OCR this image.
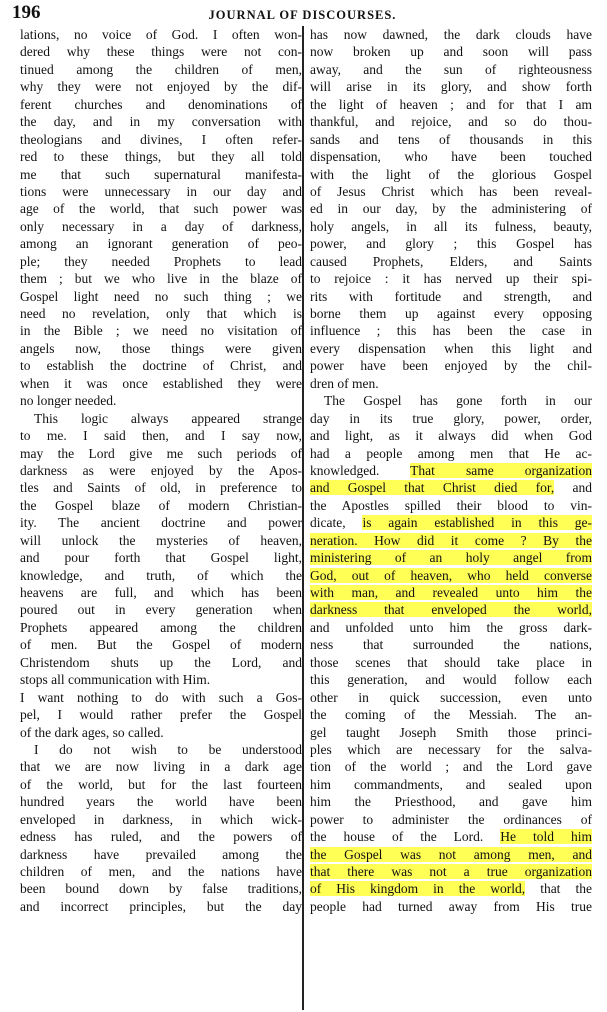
196	JOURNAL OF DISCOURSES.
lations, no voice of God. I often won-
dered why these things were not con-
tinued among the children of men,
why they were not enjoyed by the dif-
ferent churches and denominations of
the day, and in my conversation with
theologians and divines, I often refer-
red to these things, but they all told
me that such supernatural manifesta-
tions were unnecessary in our day and
age of the world, that such power was
only necessary in a day of darkness,
among an ignorant generation of peo-
ple; they needed Prophets to lead
them ; but we who live in the blaze of
Gospel light need no such thing ; we
need no revelation, only that which is
in the Bible ; we need no visitation of
angels now, those things were given
to establish the doctrine of Christ, and
when it was once established they were
no longer needed.
This logic always appeared strange
to me. I said then, and I say now,
may the Lord give me such periods of
darkness as were enjoyed by the Apos-
tles and Saints of old, in preference to
the Gospel blaze of modern Christian-
ity. The ancient doctrine and power
will unlock the mysteries of heaven,
and pour forth that Gospel light,
knowledge, and truth, of which the
heavens are full, and which has been
poured out in every generation when
Prophets appeared among the children
of men. But the Gospel of modern
Christendom shuts up the Lord, and
stops all communication with Him.
I want nothing to do with such a Gos-
pel, I would rather prefer the Gospel
of the dark ages, so called.
I do not wish to be understood
that we are now living in a dark age
of the world, but for the last fourteen
hundred years the world have been
enveloped in darkness, in which wick-
edness has ruled, and the powers of
darkness have prevailed among the
children of men, and the nations have
been bound down by false traditions,
and incorrect principles, but the day
has now dawned, the dark clouds have
now broken up and soon will pass
away, and the sun of righteousness
will arise in its glory, and show forth
the light of heaven ; and for that I am
thankful, and rejoice, and so do thou-
sands and tens of thousands in this
dispensation, who have been touched
with the light of the glorious Gospel
of Jesus Christ which has been reveal-
ed in our day, by the administering of
holy angels, in all its fulness, beauty,
power, and glory ; this Gospel has
caused Prophets, Elders, and Saints
to rejoice : it has nerved up their spi-
rits with fortitude and strength, and
borne them up against every opposing
influence ; this has been the case in
every dispensation when this light and
power have been enjoyed by the chil-
dren of men.
The Gospel has gone forth in our
day in its true glory, power, order,
and light, as it always did when God
had a people among men that He ac-
knowledged. That same organization
and Gospel that Christ died for, and
the Apostles spilled their blood to vin-
dicate, is again established in this ge-
neration. How did it come ? By the
ministering of an holy angel from
God, out of heaven, who held converse
with man, and revealed unto him the
darkness that enveloped the world,
and unfolded unto him the gross dark-
ness that surrounded the nations,
those scenes that should take place in
this generation, and would follow each
other in quick succession, even unto
the coming of the Messiah. The an-
gel taught Joseph Smith those princi-
ples which are necessary for the salva-
tion of the world ; and the Lord gave
him commandments, and sealed upon
him the Priesthood, and gave him
power to administer the ordinances of
the house of the Lord. He told him
the Gospel was not among men, and
that there was not a true organization
of His kingdom in the world, that the
people had turned away from His true
